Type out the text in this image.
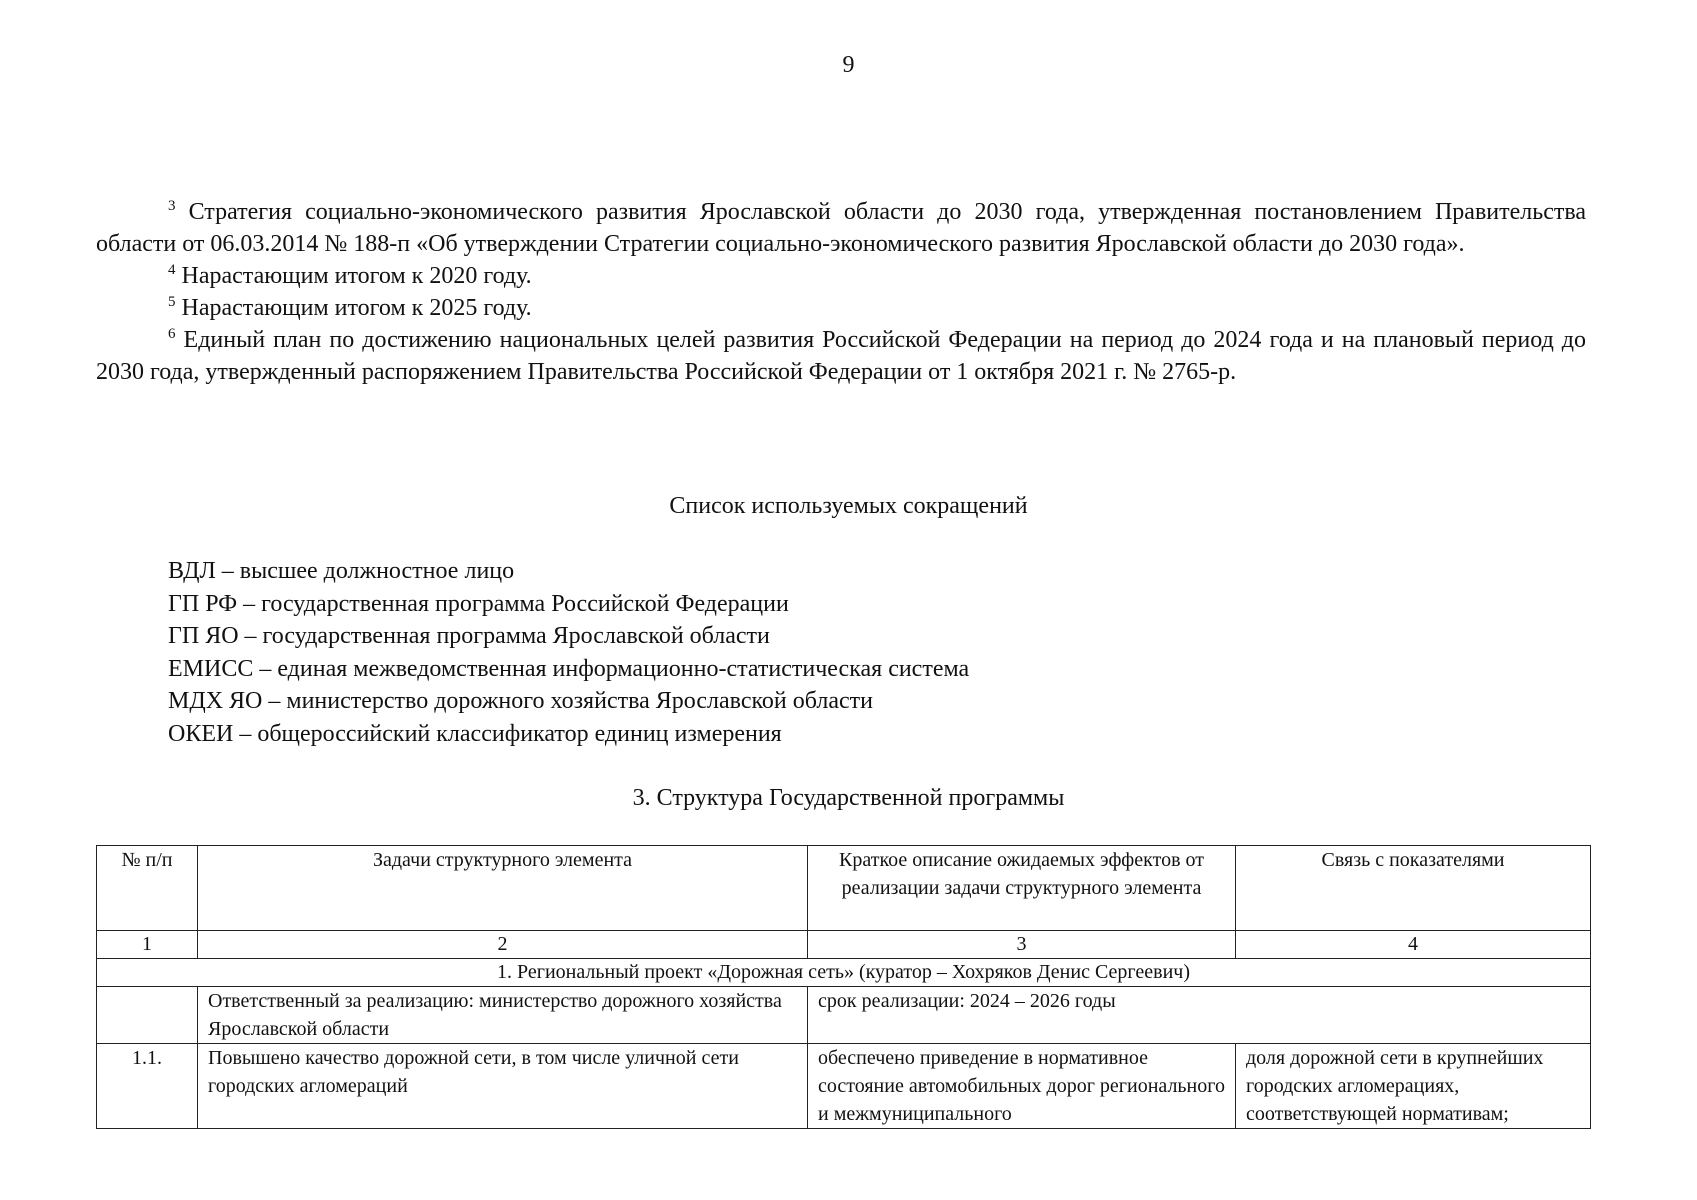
9

$^3$ Стратегия социально-экономического развития Ярославской области до 2030 года, утвержденная постановлением Правительства области от 06.03.2014 № 188-п «Об утверждении Стратегии социально-экономического развития Ярославской области до 2030 года».

$^4$ Нарастающим итогом к 2020 году.

$^5$ Нарастающим итогом к 2025 году.

$^6$ Единый план по достижению национальных целей развития Российской Федерации на период до 2024 года и на плановый период до 2030 года, утвержденный распоряжением Правительства Российской Федерации от 1 октября 2021 г. № 2765-р.

Список используемых сокращений
ВДЛ – высшее должностное лицо
ГП РФ – государственная программа Российской Федерации
ГП ЯО – государственная программа Ярославской области
ЕМИСС – единая межведомственная информационно-статистическая система
МДХ ЯО – министерство дорожного хозяйства Ярославской области
ОКЕИ – общероссийский классификатор единиц измерения
3. Структура Государственной программы
№ п/п	Задачи структурного элемента	Краткое описание ожидаемых эффектов от реализации задачи структурного элемента	Связь с показателями
1	2	3	4
1. Региональный проект «Дорожная сеть» (куратор – Хохряков Денис Сергеевич)			
	Ответственный за реализацию: министерство дорожного хозяйства Ярославской области	срок реализации: 2024 – 2026 годы	
1.1.	Повышено качество дорожной сети, в том числе уличной сети городских агломераций	обеспечено приведение в нормативное состояние автомобильных дорог регионального и межмуниципального	доля дорожной сети в крупнейших городских агломерациях, соответствующей нормативам;
